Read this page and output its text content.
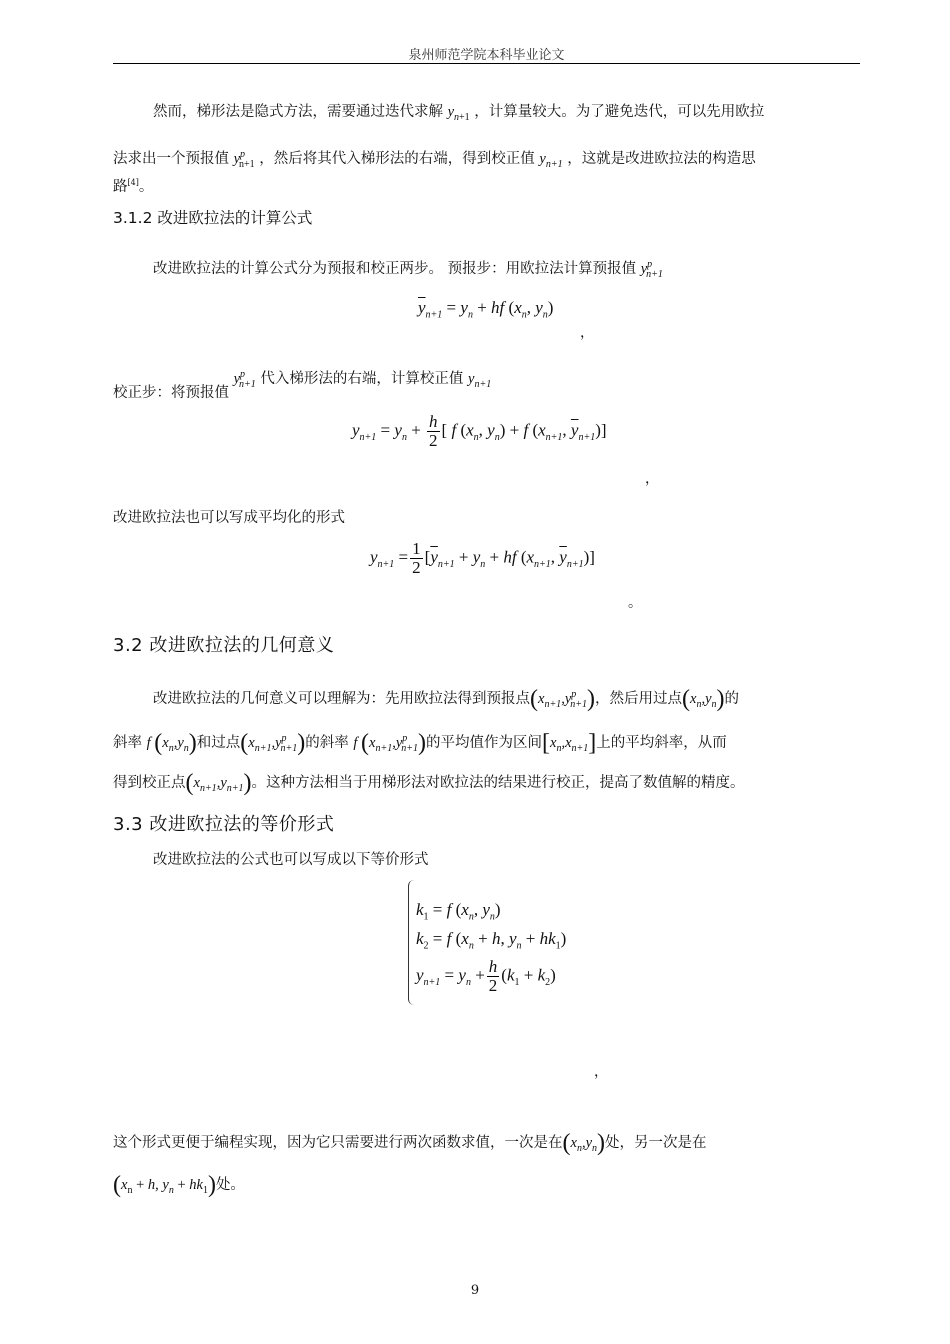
泉州师范学院本科毕业论文
然而，梯形法是隐式方法，需要通过迭代求解 $y_{n+1}$ ，计算量较大。为了避免迭代，可以先用欧拉
法求出一个预报值 $y^p_{n+1}$ ，然后将其代入梯形法的右端，得到校正值 $y_{n+1}$ ，这就是改进欧拉法的构造思
路[4]。
3.1.2 改进欧拉法的计算公式
改进欧拉法的计算公式分为预报和校正两步。 预报步：用欧拉法计算预报值 $y^p_{n+1}$
$\overline{y}_{n+1} = y_n$ + hf ($x_n$, $y_n$)
，
校正步：将预报值 $y^p_{n+1}$ 代入梯形法的右端，计算校正值 $y_{n+1}$
$y_{n+1} = y_n + \frac{h}{2}$ [ f ($x_n$, $y_n) + f$ ($x_{n+1}$, $\overline{y}_{n+1}$)]
，
改进欧拉法也可以写成平均化的形式
$y_{n+1} = \frac{1}{2} [\overline{y}_{n+1} + y_n$ + hf ($x_{n+1}$, $\overline{y}_{n+1}$)]
。
3.2 改进欧拉法的几何意义
改进欧拉法的几何意义可以理解为：先用欧拉法得到预报点$(x_{n+1},y^p_{n+1})$，然后用过点$(x_n,y_n)$的
斜率 f $(x_n,y_n)$和过点$(x_{n+1},y^p_{n+1})$的斜率 f $(x_{n+1},y^p_{n+1})$的平均值作为区间$[x_n,x_{n+1}]$上的平均斜率，从而
得到校正点$(x_{n+1},y_{n+1})$。这种方法相当于用梯形法对欧拉法的结果进行校正，提高了数值解的精度。
3.3 改进欧拉法的等价形式
改进欧拉法的公式也可以写成以下等价形式
$k_1 = f$ ($x_n$, $y_n$)
$k_2 = f$ ($x_n + h$, $y_n + hk_1$)
$y_{n+1} = y_n + \frac{h}{2} (k_1 + k_2)$
，
这个形式更便于编程实现，因为它只需要进行两次函数求值，一次是在$(x_n,y_n)$处，另一次是在
($x_n + h$, $y_n + hk_1$)处。
9
